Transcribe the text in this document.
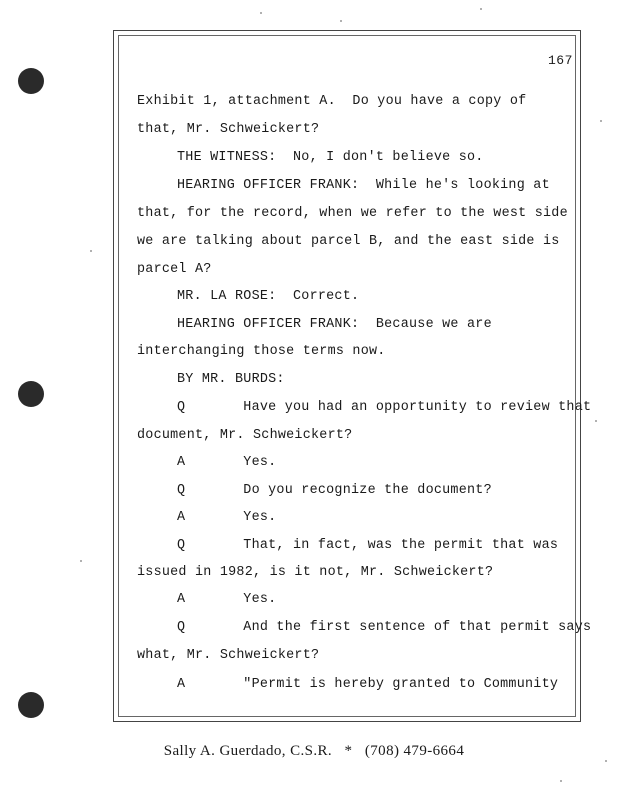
167
Exhibit 1, attachment A.  Do you have a copy of
that, Mr. Schweickert?
THE WITNESS:  No, I don't believe so.
HEARING OFFICER FRANK:  While he's looking at
that, for the record, when we refer to the west side
we are talking about parcel B, and the east side is
parcel A?
MR. LA ROSE:  Correct.
HEARING OFFICER FRANK:  Because we are
interchanging those terms now.
BY MR. BURDS:
Q       Have you had an opportunity to review that
document, Mr. Schweickert?
A       Yes.
Q       Do you recognize the document?
A       Yes.
Q       That, in fact, was the permit that was
issued in 1982, is it not, Mr. Schweickert?
A       Yes.
Q       And the first sentence of that permit says
what, Mr. Schweickert?
A       "Permit is hereby granted to Community
Sally A. Guerdado, C.S.R.   *   (708) 479-6664
